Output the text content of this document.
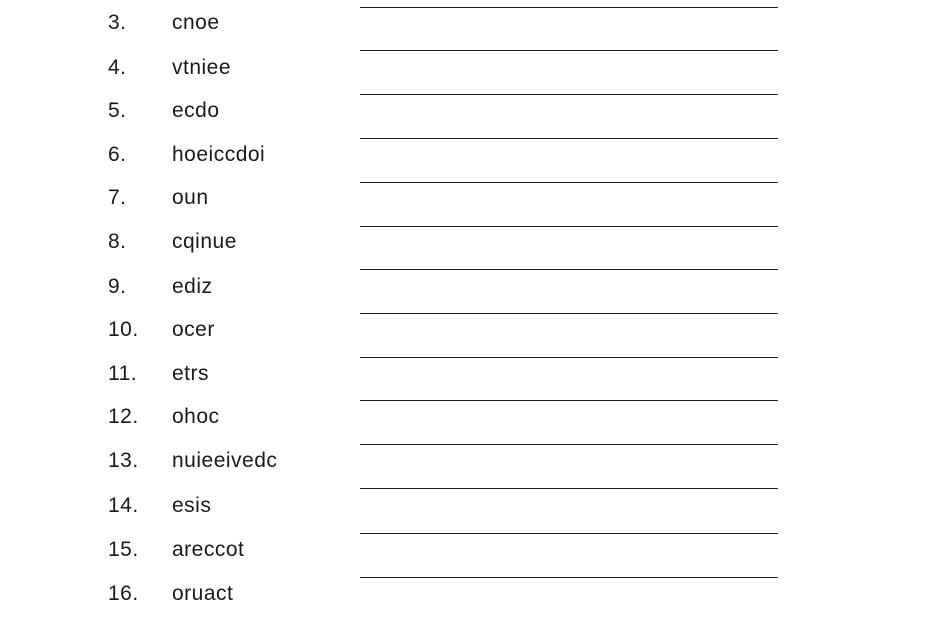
3. cnoe
4. vtniee
5. ecdo
6. hoeiccdoi
7. oun
8. cqinue
9. ediz
10. ocer
11. etrs
12. ohoc
13. nuieeivedc
14. esis
15. areccot
16. oruact
